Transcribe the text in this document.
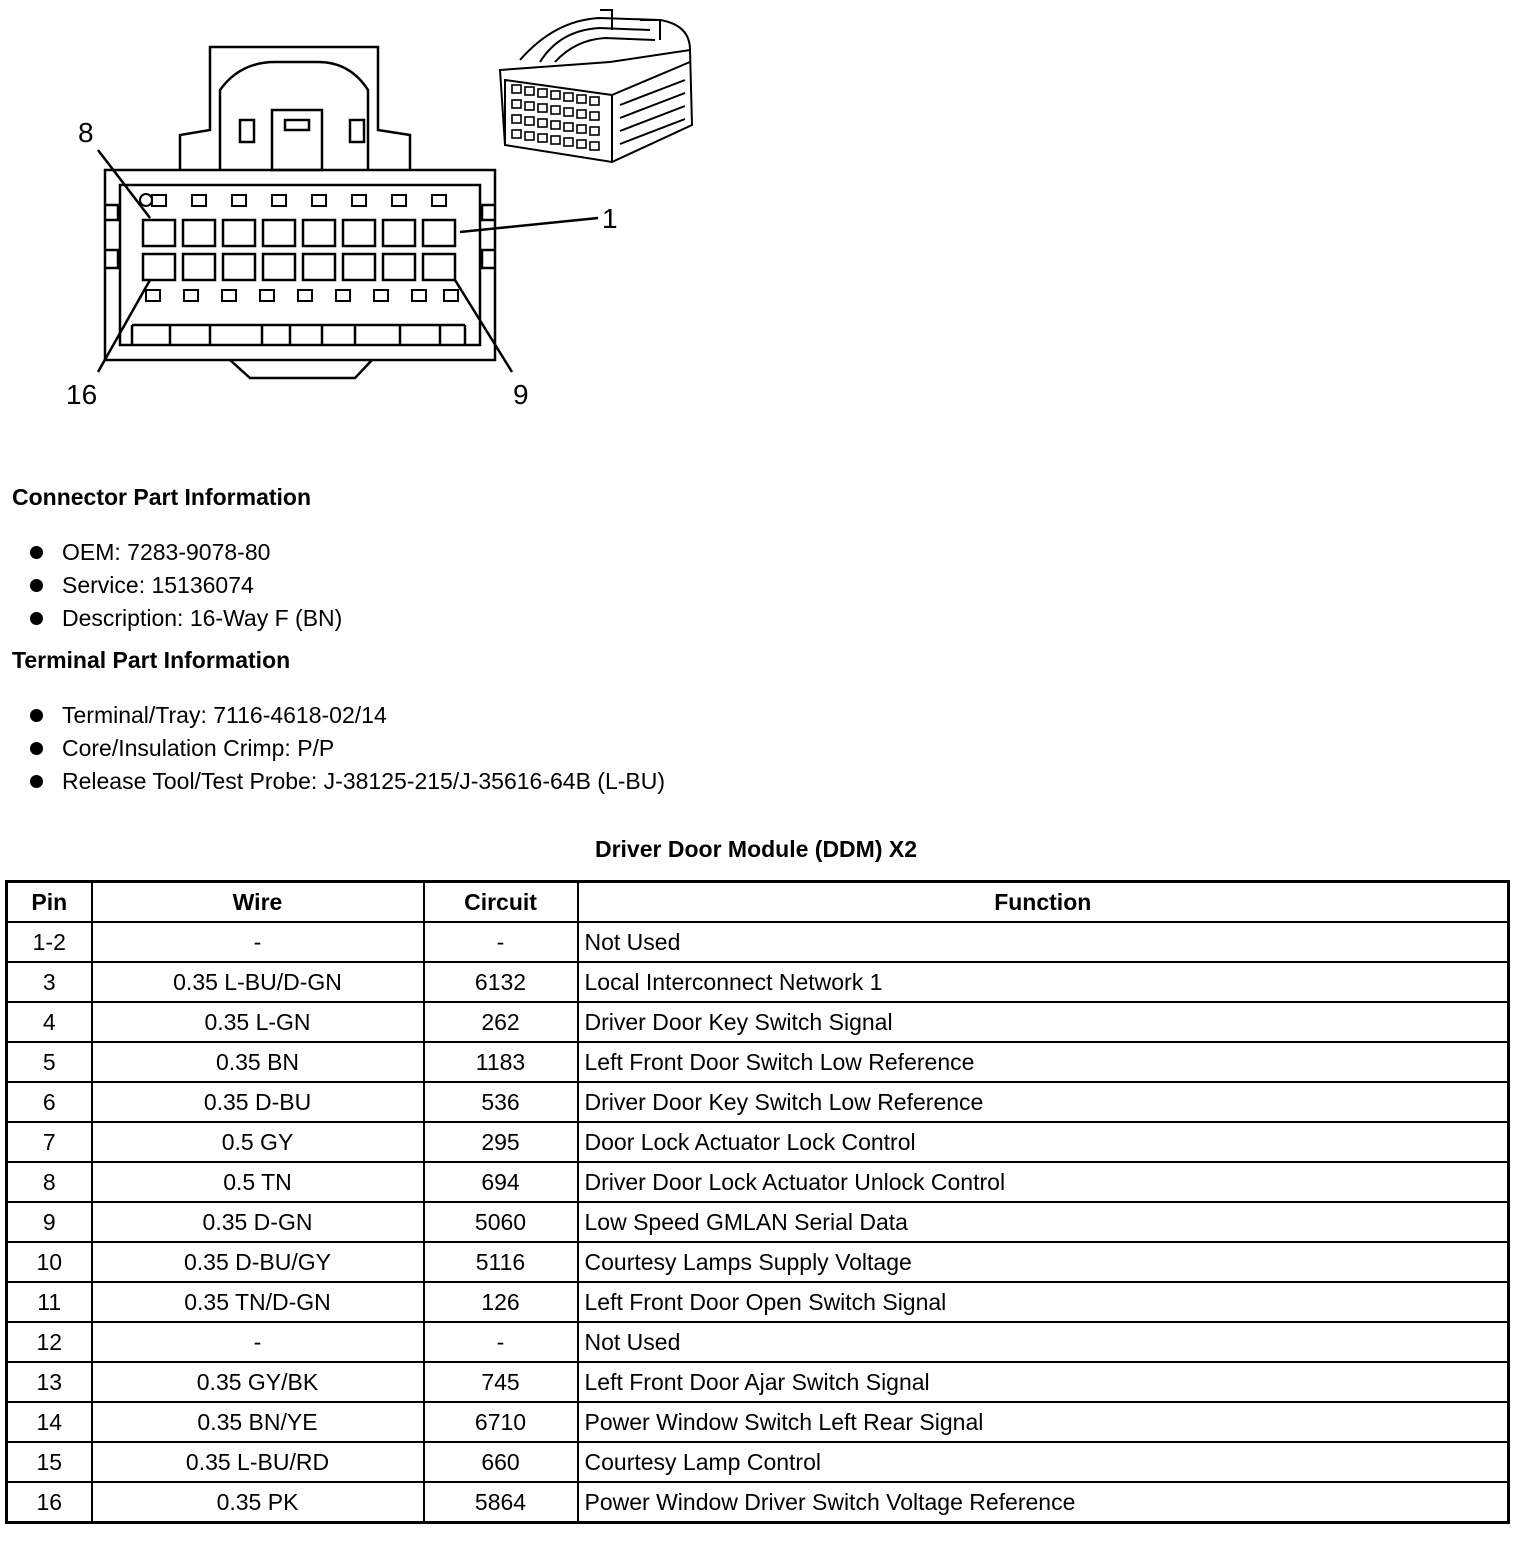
8
1
16	9
Connector Part Information
OEM: 7283-9078-80
Service: 15136074
Description: 16-Way F (BN)
Terminal Part Information
Terminal/Tray: 7116-4618-02/14
Core/Insulation Crimp: P/P
Release Tool/Test Probe: J-38125-215/J-35616-64B (L-BU)
Driver Door Module (DDM) X2
Pin	Wire	Circuit	Function
1-2	-	-	Not Used
3	0.35 L-BU/D-GN	6132	Local Interconnect Network 1
4	0.35 L-GN	262	Driver Door Key Switch Signal
5	0.35 BN	1183	Left Front Door Switch Low Reference
6	0.35 D-BU	536	Driver Door Key Switch Low Reference
7	0.5 GY	295	Door Lock Actuator Lock Control
8	0.5 TN	694	Driver Door Lock Actuator Unlock Control
9	0.35 D-GN	5060	Low Speed GMLAN Serial Data
10	0.35 D-BU/GY	5116	Courtesy Lamps Supply Voltage
11	0.35 TN/D-GN	126	Left Front Door Open Switch Signal
12	-	-	Not Used
13	0.35 GY/BK	745	Left Front Door Ajar Switch Signal
14	0.35 BN/YE	6710	Power Window Switch Left Rear Signal
15	0.35 L-BU/RD	660	Courtesy Lamp Control
16	0.35 PK	5864	Power Window Driver Switch Voltage Reference
